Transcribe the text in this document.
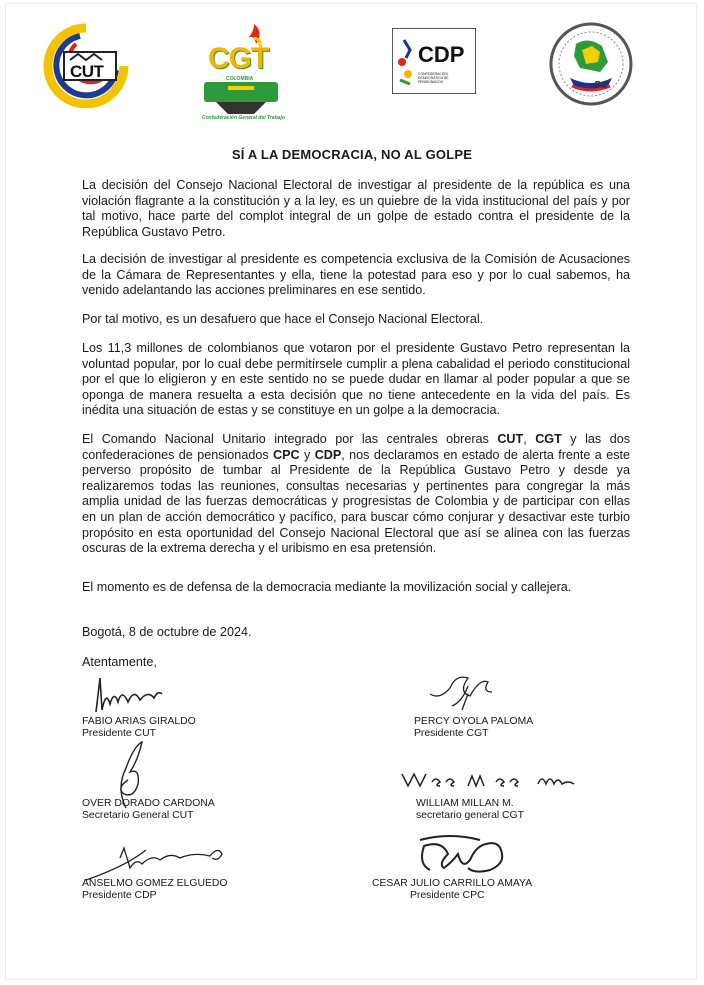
CUT	CGT
COLOMBIA
Confederación General del Trabajo
CDP
CONFEDERACIÓN DEMOCRÁTICA DE PENSIONADOS	PC
SÍ A LA DEMOCRACIA, NO AL GOLPE

La decisión del Consejo Nacional Electoral de investigar al presidente de la república es una violación flagrante a la constitución y a la ley, es un quiebre de la vida institucional del país y por tal motivo, hace parte del complot integral de un golpe de estado contra el presidente de la República Gustavo Petro.

La decisión de investigar al presidente es competencia exclusiva de la Comisión de Acusaciones de la Cámara de Representantes y ella, tiene la potestad para eso y por lo cual sabemos, ha venido adelantando las acciones preliminares en ese sentido.

Por tal motivo, es un desafuero que hace el Consejo Nacional Electoral.

Los 11,3 millones de colombianos que votaron por el presidente Gustavo Petro representan la voluntad popular, por lo cual debe permitírsele cumplir a plena cabalidad el periodo constitucional por el que lo eligieron y en este sentido no se puede dudar en llamar al poder popular a que se oponga de manera resuelta a esta decisión que no tiene antecedente en la vida del país. Es inédita una situación de estas y se constituye en un golpe a la democracia.

El Comando Nacional Unitario integrado por las centrales obreras CUT, CGT y las dos confederaciones de pensionados CPC y CDP, nos declaramos en estado de alerta frente a este perverso propósito de tumbar al Presidente de la República Gustavo Petro y desde ya realizaremos todas las reuniones, consultas necesarias y pertinentes para congregar la más amplia unidad de las fuerzas democráticas y progresistas de Colombia y de participar con ellas en un plan de acción democrático y pacífico, para buscar cómo conjurar y desactivar este turbio propósito en esta oportunidad del Consejo Nacional Electoral que así se alinea con las fuerzas oscuras de la extrema derecha y el uribismo en esa pretensión.

El momento es de defensa de la democracia mediante la movilización social y callejera.

Bogotá, 8 de octubre de 2024.

Atentamente,

FABIO ARIAS GIRALDO
Presidente CUT
PERCY OYOLA PALOMA
Presidente CGT
OVER DORADO CARDONA
Secretario General CUT
WILLIAM MILLAN M.
secretario general CGT
ANSELMO GOMEZ ELGUEDO
Presidente CDP
CESAR JULIO CARRILLO AMAYA
Presidente CPC
